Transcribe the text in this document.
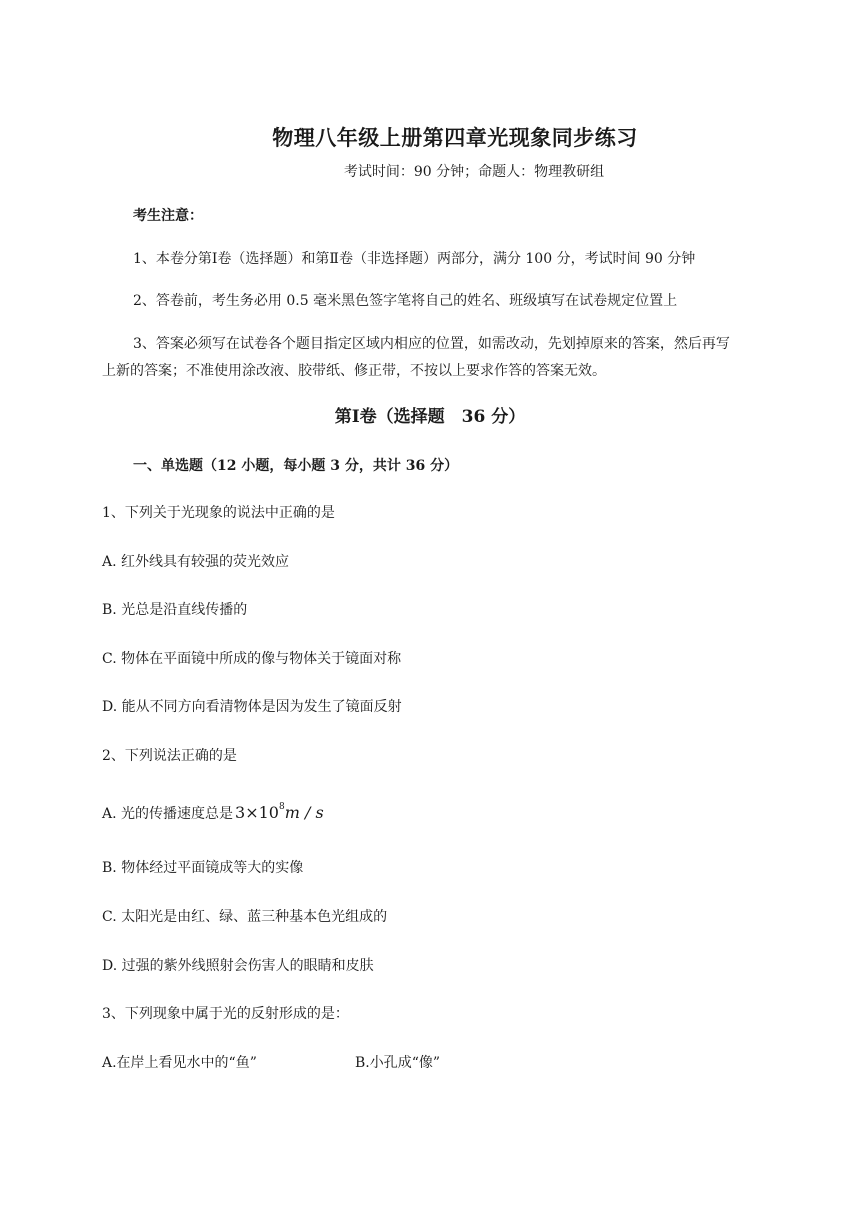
物理八年级上册第四章光现象同步练习
考试时间：90 分钟；命题人：物理教研组
考生注意：
1、本卷分第Ⅰ卷（选择题）和第Ⅱ卷（非选择题）两部分，满分 100 分，考试时间 90 分钟
2、答卷前，考生务必用 0.5 毫米黑色签字笔将自己的姓名、班级填写在试卷规定位置上
3、答案必须写在试卷各个题目指定区域内相应的位置，如需改动，先划掉原来的答案，然后再写
上新的答案；不准使用涂改液、胶带纸、修正带，不按以上要求作答的答案无效。
第Ⅰ卷（选择题　36 分）
一、单选题（12 小题，每小题 3 分，共计 36 分）
1、下列关于光现象的说法中正确的是
A. 红外线具有较强的荧光效应
B. 光总是沿直线传播的
C. 物体在平面镜中所成的像与物体关于镜面对称
D. 能从不同方向看清物体是因为发生了镜面反射
2、下列说法正确的是
A. 光的传播速度总是 $3\times 10^8m / s$
B. 物体经过平面镜成等大的实像
C. 太阳光是由红、绿、蓝三种基本色光组成的
D. 过强的紫外线照射会伤害人的眼睛和皮肤
3、下列现象中属于光的反射形成的是：
A.在岸上看见水中的“鱼”	B.小孔成“像”
